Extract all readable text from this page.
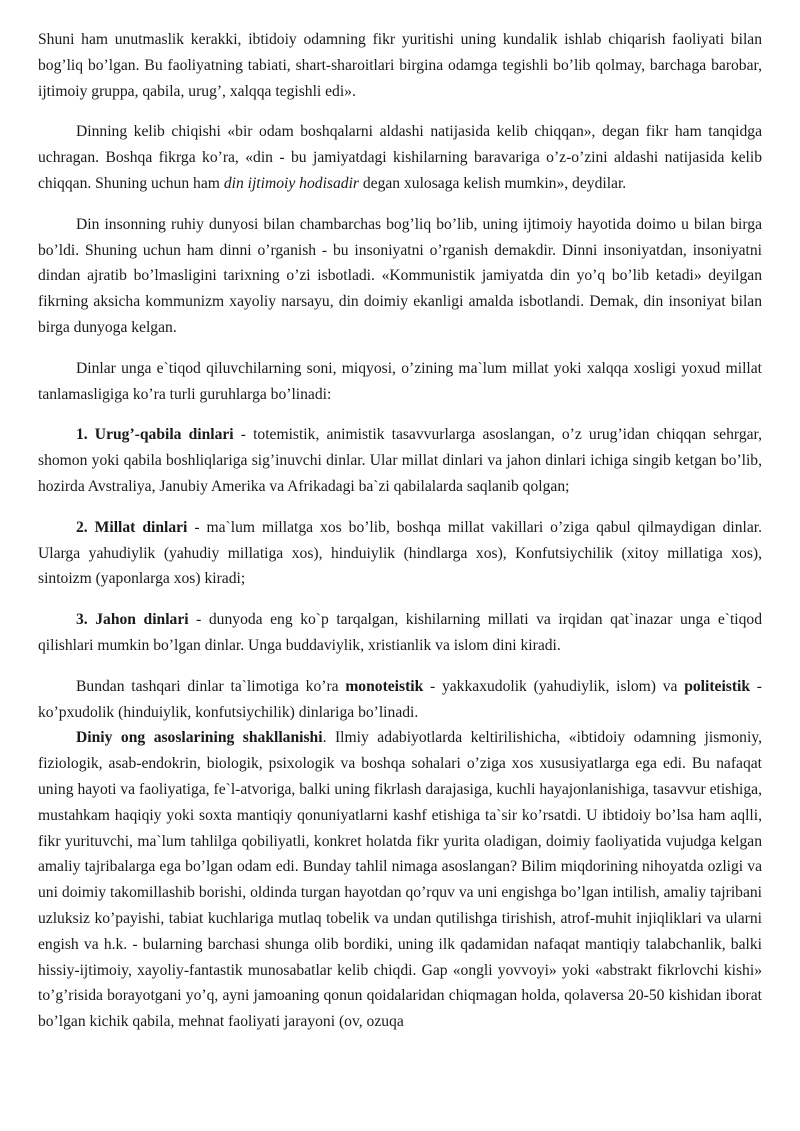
Shuni ham unutmaslik kerakki, ibtidoiy odamning fikr yuritishi uning kundalik ishlab chiqarish faoliyati bilan bog’liq bo’lgan. Bu faoliyatning tabiati, shart-sharoitlari birgina odamga tegishli bo’lib qolmay, barchaga barobar, ijtimoiy gruppa, qabila, urug’, xalqqa tegishli edi».

Dinning kelib chiqishi «bir odam boshqalarni aldashi natijasida kelib chiqqan», degan fikr ham tanqidga uchragan. Boshqa fikrga ko’ra, «din - bu jamiyatdagi kishilarning baravariga o’z-o’zini aldashi natijasida kelib chiqqan. Shuning uchun ham din ijtimoiy hodisadir degan xulosaga kelish mumkin», deydilar.

Din insonning ruhiy dunyosi bilan chambarchas bog’liq bo’lib, uning ijtimoiy hayotida doimo u bilan birga bo’ldi. Shuning uchun ham dinni o’rganish - bu insoniyatni o’rganish demakdir. Dinni insoniyatdan, insoniyatni dindan ajratib bo’lmasligini tarixning o’zi isbotladi. «Kommunistik jamiyatda din yo’q bo’lib ketadi» deyilgan fikrning aksicha kommunizm xayoliy narsayu, din doimiy ekanligi amalda isbotlandi. Demak, din insoniyat bilan birga dunyoga kelgan.

Dinlar unga e`tiqod qiluvchilarning soni, miqyosi, o’zining ma`lum millat yoki xalqqa xosligi yoxud millat tanlamasligiga ko’ra turli guruhlarga bo’linadi:

1. Urug’-qabila dinlari - totemistik, animistik tasavvurlarga asoslangan, o’z urug’idan chiqqan sehrgar, shomon yoki qabila boshliqlariga sig’inuvchi dinlar. Ular millat dinlari va jahon dinlari ichiga singib ketgan bo’lib, hozirda Avstraliya, Janubiy Amerika va Afrikadagi ba`zi qabilalarda saqlanib qolgan;

2. Millat dinlari - ma`lum millatga xos bo’lib, boshqa millat vakillari o’ziga qabul qilmaydigan dinlar. Ularga yahudiylik (yahudiy millatiga xos), hinduiylik (hindlarga xos), Konfutsiychilik (xitoy millatiga xos), sintoizm (yaponlarga xos) kiradi;

3. Jahon dinlari - dunyoda eng ko`p tarqalgan, kishilarning millati va irqidan qat`inazar unga e`tiqod qilishlari mumkin bo’lgan dinlar. Unga buddaviylik, xristianlik va islom dini kiradi.

Bundan tashqari dinlar ta`limotiga ko’ra monoteistik - yakkaxudolik (yahudiylik, islom) va politeistik - ko’pxudolik (hinduiylik, konfutsiychilik) dinlariga bo’linadi.

Diniy ong asoslarining shakllanishi. Ilmiy adabiyotlarda keltirilishicha, «ibtidoiy odamning jismoniy, fiziologik, asab-endokrin, biologik, psixologik va boshqa sohalari o’ziga xos xususiyatlarga ega edi. Bu nafaqat uning hayoti va faoliyatiga, fe`l-atvoriga, balki uning fikrlash darajasiga, kuchli hayajonlanishiga, tasavvur etishiga, mustahkam haqiqiy yoki soxta mantiqiy qonuniyatlarni kashf etishiga ta`sir ko’rsatdi. U ibtidoiy bo’lsa ham aqlli, fikr yurituvchi, ma`lum tahlilga qobiliyatli, konkret holatda fikr yurita oladigan, doimiy faoliyatida vujudga kelgan amaliy tajribalarga ega bo’lgan odam edi. Bunday tahlil nimaga asoslangan? Bilim miqdorining nihoyatda ozligi va uni doimiy takomillashib borishi, oldinda turgan hayotdan qo’rquv va uni engishga bo’lgan intilish, amaliy tajribani uzluksiz ko’payishi, tabiat kuchlariga mutlaq tobelik va undan qutilishga tirishish, atrof-muhit injiqliklari va ularni engish va h.k. - bularning barchasi shunga olib bordiki, uning ilk qadamidan nafaqat mantiqiy talabchanlik, balki hissiy-ijtimoiy, xayoliy-fantastik munosabatlar kelib chiqdi. Gap «ongli yovvoyi» yoki «abstrakt fikrlovchi kishi» to’g’risida borayotgani yo’q, ayni jamoaning qonun qoidalaridan chiqmagan holda, qolaversa 20-50 kishidan iborat bo’lgan kichik qabila, mehnat faoliyati jarayoni (ov, ozuqa
